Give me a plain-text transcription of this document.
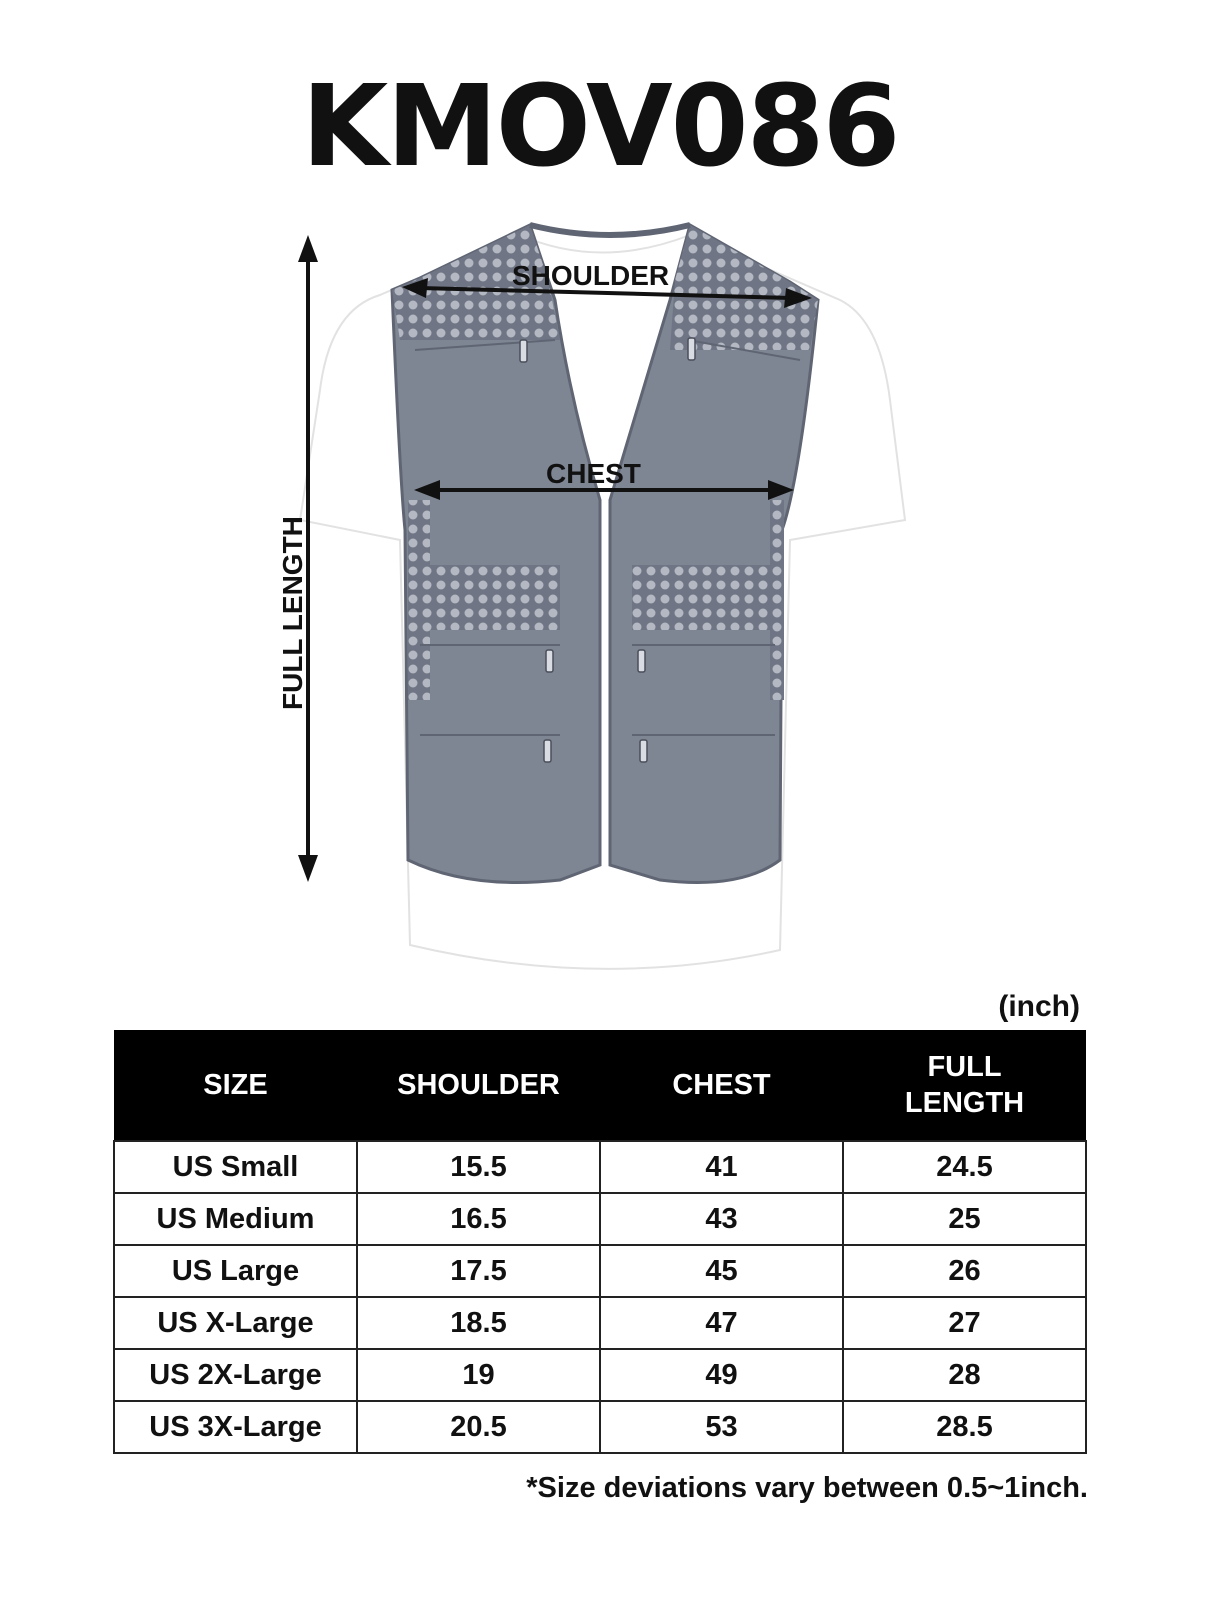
KMOV086
SHOULDER
CHEST
FULL LENGTH
(inch)
SIZE	SHOULDER	CHEST	FULL
LENGTH
US Small	15.5	41	24.5
US Medium	16.5	43	25
US Large	17.5	45	26
US X-Large	18.5	47	27
US 2X-Large	19	49	28
US 3X-Large	20.5	53	28.5
*Size deviations vary between 0.5~1inch.
